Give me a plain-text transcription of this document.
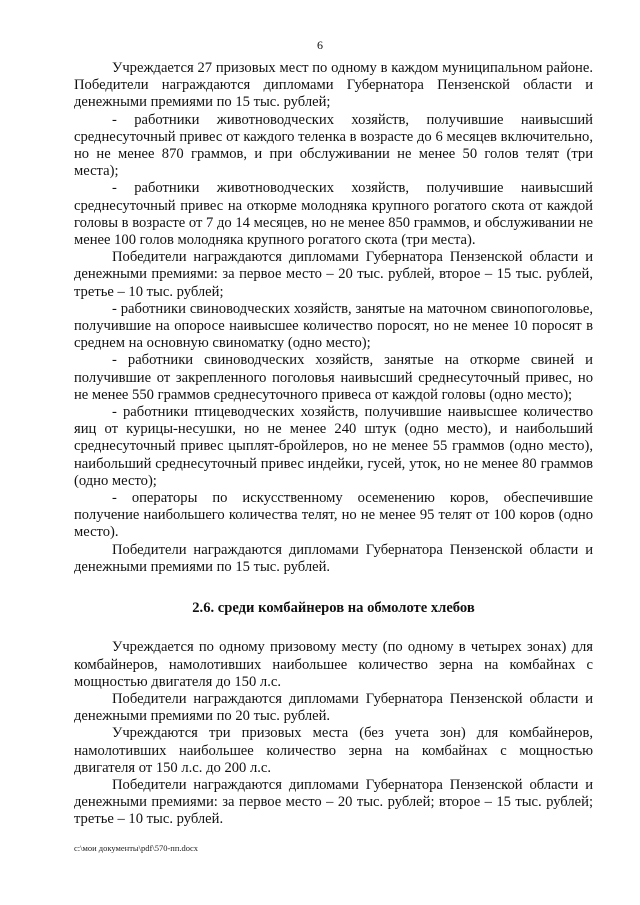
6

Учреждается 27 призовых мест по одному в каждом муниципальном районе. Победители награждаются дипломами Губернатора Пензенской области и денежными премиями по 15 тыс. рублей;

- работники животноводческих хозяйств, получившие наивысший среднесуточный привес от каждого теленка в возрасте до 6 месяцев включительно, но не менее 870 граммов, и при обслуживании не менее 50 голов телят (три места);

- работники животноводческих хозяйств, получившие наивысший среднесуточный привес на откорме молодняка крупного рогатого скота от каждой головы в возрасте от 7 до 14 месяцев, но не менее 850 граммов, и обслуживании не менее 100 голов молодняка крупного рогатого скота (три места).

Победители награждаются дипломами Губернатора Пензенской области и денежными премиями: за первое место – 20 тыс. рублей, второе – 15 тыс. рублей, третье – 10 тыс. рублей;

- работники свиноводческих хозяйств, занятые на маточном свинопоголовье, получившие на опоросе наивысшее количество поросят, но не менее 10 поросят в среднем на основную свиноматку (одно место);

- работники свиноводческих хозяйств, занятые на откорме свиней и получившие от закрепленного поголовья наивысший среднесуточный привес, но не менее 550 граммов среднесуточного привеса от каждой головы (одно место);

- работники птицеводческих хозяйств, получившие наивысшее количество яиц от курицы-несушки, но не менее 240 штук (одно место), и наибольший среднесуточный привес цыплят-бройлеров, но не менее 55 граммов (одно место), наибольший среднесуточный привес индейки, гусей, уток, но не менее 80 граммов (одно место);

- операторы по искусственному осеменению коров, обеспечившие получение наибольшего количества телят, но не менее 95 телят от 100 коров (одно место).

Победители награждаются дипломами Губернатора Пензенской области и денежными премиями по 15 тыс. рублей.

2.6. среди комбайнеров на обмолоте хлебов

Учреждается по одному призовому месту (по одному в четырех зонах) для комбайнеров, намолотивших наибольшее количество зерна на комбайнах с мощностью двигателя до 150 л.с.

Победители награждаются дипломами Губернатора Пензенской области и денежными премиями по 20 тыс. рублей.

Учреждаются три призовых места (без учета зон) для комбайнеров, намолотивших наибольшее количество зерна на комбайнах с мощностью двигателя от 150 л.с. до 200 л.с.

Победители награждаются дипломами Губернатора Пензенской области и денежными премиями: за первое место – 20 тыс. рублей; второе – 15 тыс. рублей; третье – 10 тыс. рублей.

c:\мои документы\pdf\570-пп.docx
